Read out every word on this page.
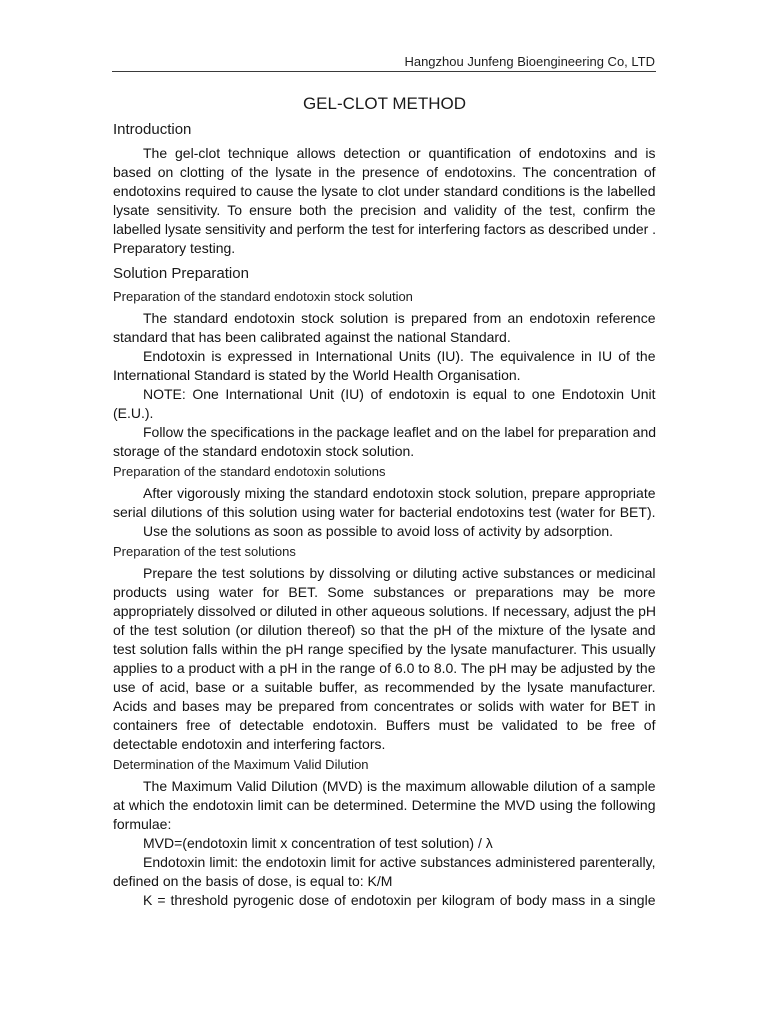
Hangzhou Junfeng Bioengineering Co, LTD
GEL-CLOT METHOD
Introduction
The gel-clot technique allows detection or quantification of endotoxins and is
based on clotting of the lysate in the presence of endotoxins. The concentration of
endotoxins required to cause the lysate to clot under standard conditions is the labelled
lysate sensitivity. To ensure both the precision and validity of the test, confirm the
labelled lysate sensitivity and perform the test for interfering factors as described under .
Preparatory testing.
Solution Preparation
Preparation of the standard endotoxin stock solution
The standard endotoxin stock solution is prepared from an endotoxin reference
standard that has been calibrated against the national Standard.
Endotoxin is expressed in International Units (IU). The equivalence in IU of the
International Standard is stated by the World Health Organisation.
NOTE: One International Unit (IU) of endotoxin is equal to one Endotoxin Unit
(E.U.).
Follow the specifications in the package leaflet and on the label for preparation and
storage of the standard endotoxin stock solution.
Preparation of the standard endotoxin solutions
After vigorously mixing the standard endotoxin stock solution, prepare appropriate
serial dilutions of this solution using water for bacterial endotoxins test (water for BET).
Use the solutions as soon as possible to avoid loss of activity by adsorption.
Preparation of the test solutions
Prepare the test solutions by dissolving or diluting active substances or medicinal
products using water for BET. Some substances or preparations may be more
appropriately dissolved or diluted in other aqueous solutions. If necessary, adjust the pH
of the test solution (or dilution thereof) so that the pH of the mixture of the lysate and
test solution falls within the pH range specified by the lysate manufacturer. This usually
applies to a product with a pH in the range of 6.0 to 8.0. The pH may be adjusted by the
use of acid, base or a suitable buffer, as recommended by the lysate manufacturer.
Acids and bases may be prepared from concentrates or solids with water for BET in
containers free of detectable endotoxin. Buffers must be validated to be free of
detectable endotoxin and interfering factors.
Determination of the Maximum Valid Dilution
The Maximum Valid Dilution (MVD) is the maximum allowable dilution of a sample
at which the endotoxin limit can be determined. Determine the MVD using the following
formulae:
MVD=(endotoxin limit x concentration of test solution) / λ
Endotoxin limit: the endotoxin limit for active substances administered parenterally,
defined on the basis of dose, is equal to: K/M
K = threshold pyrogenic dose of endotoxin per kilogram of body mass in a single
